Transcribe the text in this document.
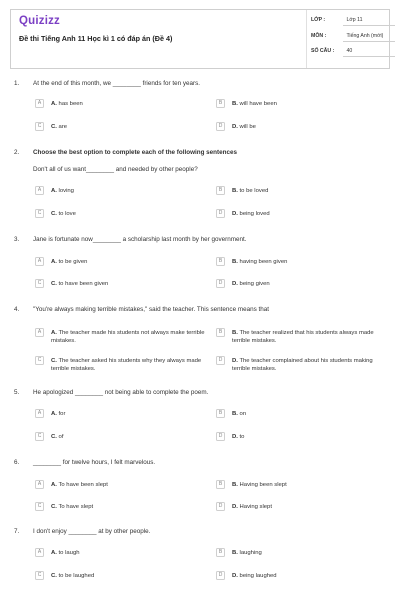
Quizizz
Đề thi Tiếng Anh 11 Học kì 1 có đáp án (Đề 4)
LỚP :	Lớp 11
MÔN :	Tiếng Anh (mới)
SỐ CÂU : 40
1. At the end of this month, we ________ friends for ten years.
A	A. has been	B	B. will have been
C	C. are	D	D. will be
2. Choose the best option to complete each of the following sentences
Don't all of us want________ and needed by other people?
A	A. loving	B	B. to be loved
C	C. to love	D	D. being loved
3. Jane is fortunate now________ a scholarship last month by her government.
A	A. to be given	B	B. having been given
C	C. to have been given	D	D. being given
4. "You're always making terrible mistakes," said the teacher. This sentence means that
A	A. The teacher made his students not always make terrible mistakes.
B	B. The teacher realized that his students always made terrible mistakes.
C	C. The teacher asked his students why they always made terrible mistakes.
D	D. The teacher complained about his students making terrible mistakes.
5. He apologized ________ not being able to complete the poem.
A	A. for	B	B. on
C	C. of	D	D. to
6. ________ for twelve hours, I felt marvelous.
A	A. To have been slept	B	B. Having been slept
C	C. To have slept	D	D. Having slept
7. I don't enjoy ________ at by other people.
A	A. to laugh	B	B. laughing
C	C. to be laughed	D	D. being laughed
